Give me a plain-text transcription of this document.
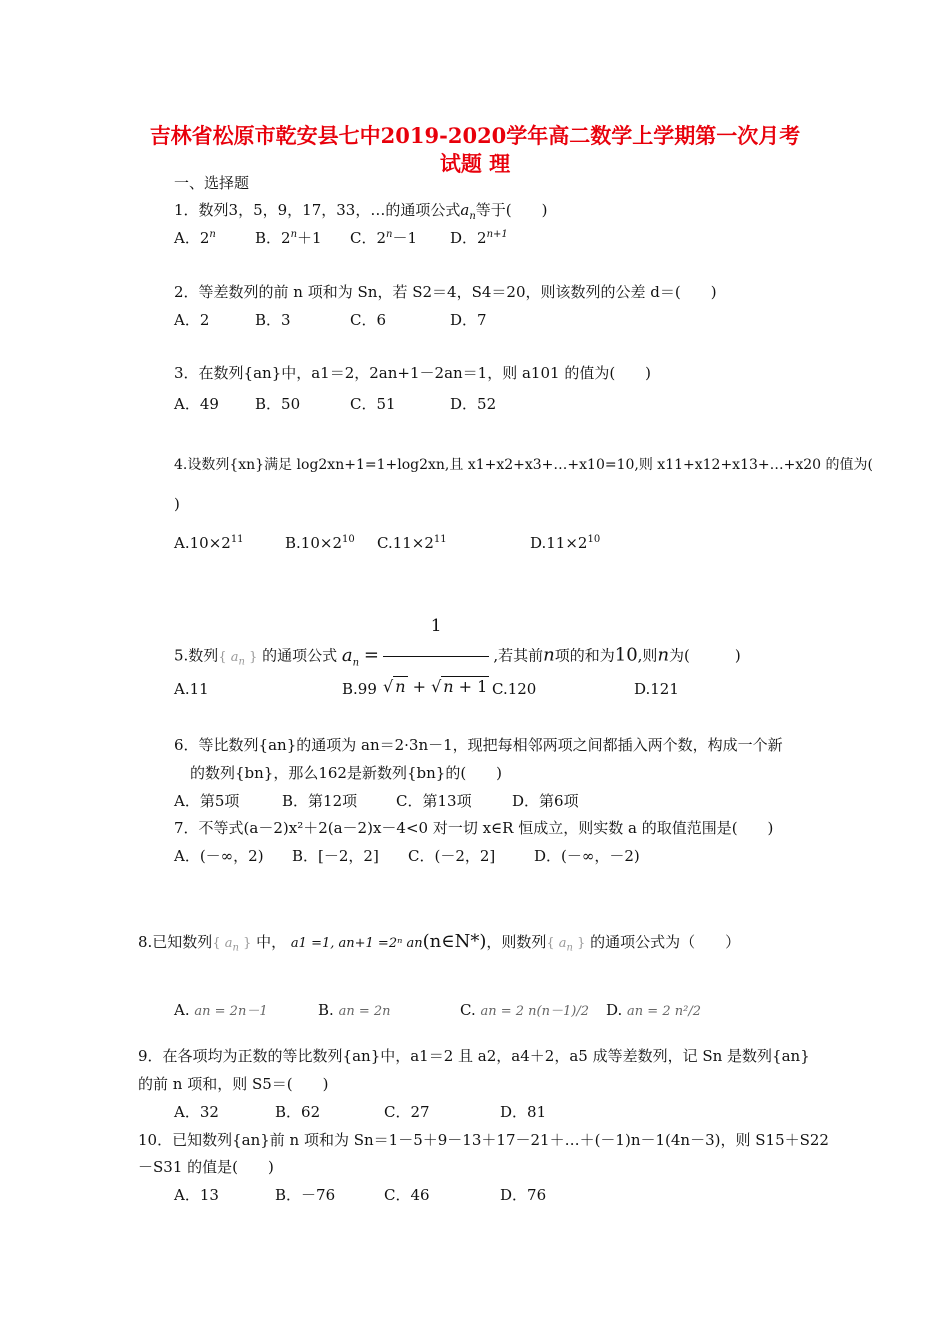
吉林省松原市乾安县七中2019-2020学年高二数学上学期第一次月考
试题 理
一、选择题
1．数列3，5，9，17，33，…的通项公式$a_n$等于(　　)
A．2$^n$	B．$2^n+1$ C．$2^n-1$ D．$2^{n+1}$
2．等差数列的前 n 项和为 Sn，若 S2＝4，S4＝20，则该数列的公差 d＝(　　)
A．2	B．3	C．6	D．7
3．在数列{an}中，a1＝2，2an+1－2an＝1，则 a101 的值为(　　)
A．49 B．50	C．51	D．52
4.设数列{xn}满足 log2xn+1=1+log2xn,且 x1+x2+x3+…+x10=10,则 x11+x12+x13+…+x20 的值为(
)
$A.10\times 2^{11}$	$B.10\times 2^{10}$ $C.11\times 2^{11}$	$D.11\times 2^{10}$
5.数列{ $a_n$ } 的通项公式 $a_n = \frac{1}{√ n + √ n + 1}$ ,若其前n项的和为10,则n为(　　　)
A.11	B.99	C.120	D.121
6．等比数列{an}的通项为 an＝2·3n－1，现把每相邻两项之间都插入两个数，构成一个新
的数列{bn}，那么162是新数列{bn}的(　　)
A．第5项	B．第12项	C．第13项	D．第6项
7．不等式(a－2)x²＋2(a－2)x－4<0 对一切 x∈R 恒成立，则实数 a 的取值范围是(　　)
A．(－∞，2) B．[－2，2] C．(－2，2]	D．(－∞，－2)
8.已知数列{ $a_n$ } 中， a1 =1, an+1 =2ⁿ an(n∈N*)，则数列{ $a_n$ } 的通项公式为（　　）
A. an = 2n－1	B. an = 2n	C. an = 2 n(n－1)/2 D. an = 2 n²/2
9．在各项均为正数的等比数列{an}中，a1＝2 且 a2，a4＋2，a5 成等差数列，记 Sn 是数列{an}
的前 n 项和，则 S5＝(　　)
A．32	B．62	C．27	D．81
10．已知数列{an}前 n 项和为 Sn＝1－5＋9－13＋17－21＋…＋(－1)n－1(4n－3)，则 S15＋S22
－S31 的值是(　　)
A．13	B．－76	C．46	D．76
